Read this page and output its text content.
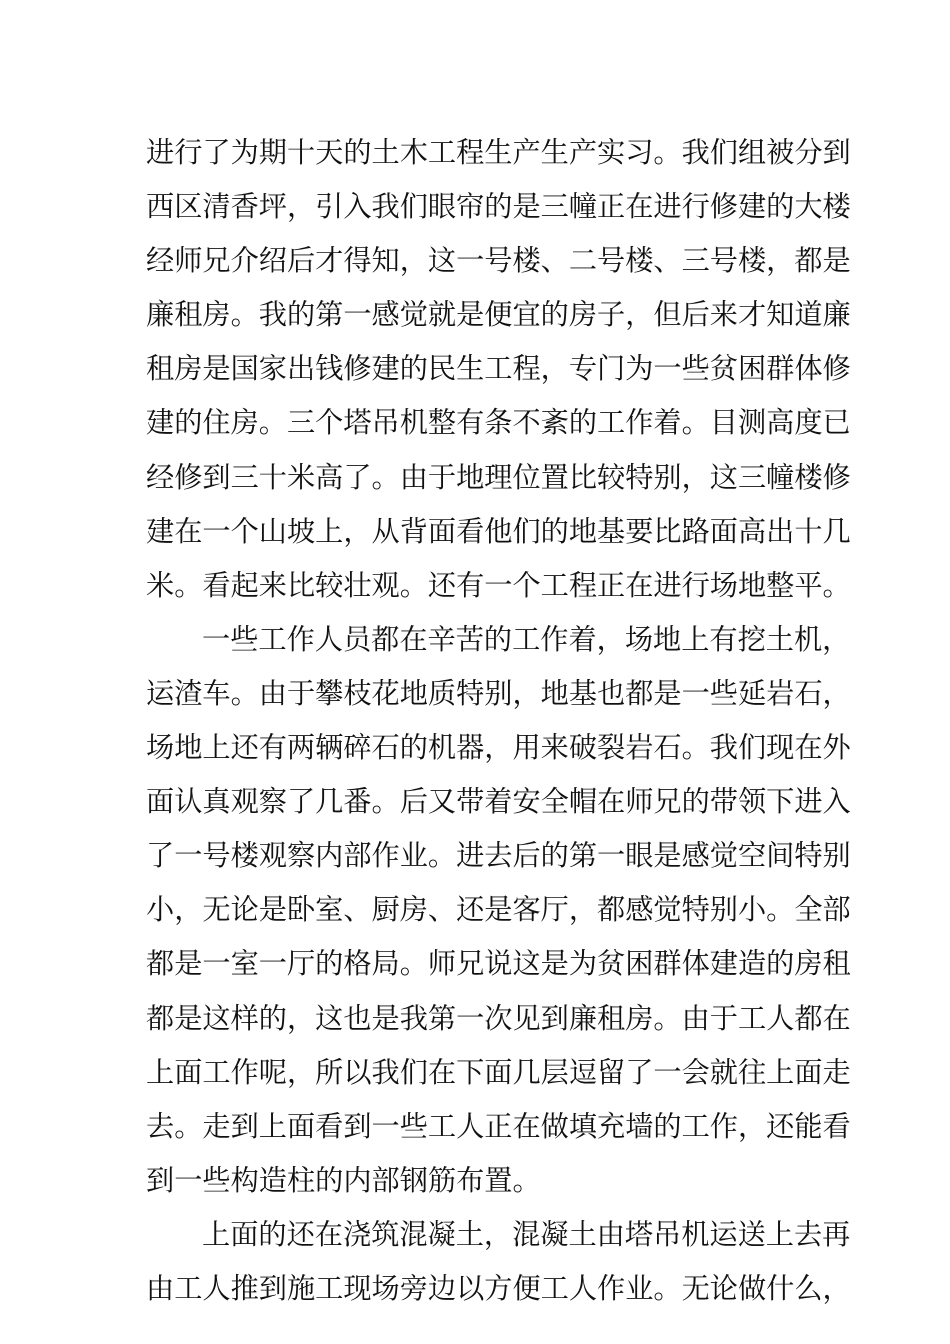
进行了为期十天的土木工程生产生产实习。我们组被分到
西区清香坪，引入我们眼帘的是三幢正在进行修建的大楼
经师兄介绍后才得知，这一号楼、二号楼、三号楼，都是
廉租房。我的第一感觉就是便宜的房子，但后来才知道廉
租房是国家出钱修建的民生工程，专门为一些贫困群体修
建的住房。三个塔吊机整有条不紊的工作着。目测高度已
经修到三十米高了。由于地理位置比较特别，这三幢楼修
建在一个山坡上，从背面看他们的地基要比路面高出十几
米。看起来比较壮观。还有一个工程正在进行场地整平。
一些工作人员都在辛苦的工作着，场地上有挖土机，
运渣车。由于攀枝花地质特别，地基也都是一些延岩石，
场地上还有两辆碎石的机器，用来破裂岩石。我们现在外
面认真观察了几番。后又带着安全帽在师兄的带领下进入
了一号楼观察内部作业。进去后的第一眼是感觉空间特别
小，无论是卧室、厨房、还是客厅，都感觉特别小。全部
都是一室一厅的格局。师兄说这是为贫困群体建造的房租
都是这样的，这也是我第一次见到廉租房。由于工人都在
上面工作呢，所以我们在下面几层逗留了一会就往上面走
去。走到上面看到一些工人正在做填充墙的工作，还能看
到一些构造柱的内部钢筋布置。
上面的还在浇筑混凝土，混凝土由塔吊机运送上去再
由工人推到施工现场旁边以方便工人作业。无论做什么，
